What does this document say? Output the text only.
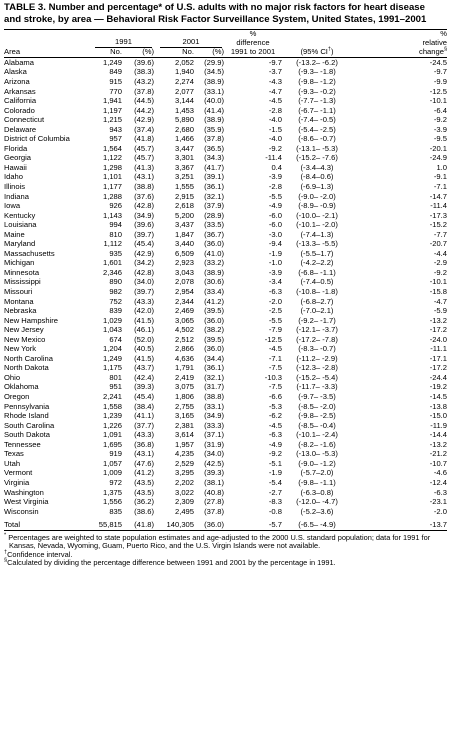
TABLE 3. Number and percentage* of U.S. adults with no major risk factors for heart disease and stroke, by area — Behavioral Risk Factor Surveillance System, United States, 1991–2001
					%		%

	1991		2001		difference		relative
Area	No.	(%)	No.	(%)	1991 to 2001	(95% CI†)	change§

Alabama	1,249	(39.6)	2,052	(29.9)	-9.7	(-13.2– -6.2)	-24.5
Alaska	849	(38.3)	1,940	(34.5)	-3.7	(-9.3– -1.8)	-9.7
Arizona	915	(43.2)	2,274	(38.9)	-4.3	(-9.8– -1.2)	-9.9
Arkansas	770	(37.8)	2,077	(33.1)	-4.7	(-9.3– -0.2)	-12.5
California	1,941	(44.5)	3,144	(40.0)	-4.5	(-7.7– -1.3)	-10.1
Colorado	1,197	(44.2)	1,453	(41.4)	-2.8	(-6.7– -1.1)	-6.4
Connecticut	1,215	(42.9)	5,890	(38.9)	-4.0	(-7.4– -0.5)	-9.2
Delaware	943	(37.4)	2,680	(35.9)	-1.5	(-5.4– -2.5)	-3.9
District of Columbia	957	(41.8)	1,466	(37.8)	-4.0	(-8.6– -0.7)	-9.5
Florida	1,564	(45.7)	3,447	(36.5)	-9.2	(-13.1– -5.3)	-20.1
Georgia	1,122	(45.7)	3,301	(34.3)	-11.4	(-15.2– -7.6)	-24.9
Hawaii	1,298	(41.3)	3,367	(41.7)	0.4	(-3.4–4.3)	1.0
Idaho	1,101	(43.1)	3,251	(39.1)	-3.9	(-8.4–0.6)	-9.1
Illinois	1,177	(38.8)	1,555	(36.1)	-2.8	(-6.9–1.3)	-7.1
Indiana	1,288	(37.6)	2,915	(32.1)	-5.5	(-9.0– -2.0)	-14.7
Iowa	926	(42.8)	2,618	(37.9)	-4.9	(-8.9– -0.9)	-11.4
Kentucky	1,143	(34.9)	5,200	(28.9)	-6.0	(-10.0– -2.1)	-17.3
Louisiana	994	(39.6)	3,437	(33.5)	-6.0	(-10.1– -2.0)	-15.2
Maine	810	(39.7)	1,847	(36.7)	-3.0	(-7.4–1.3)	-7.7
Maryland	1,112	(45.4)	3,440	(36.0)	-9.4	(-13.3– -5.5)	-20.7
Massachusetts	935	(42.9)	6,509	(41.0)	-1.9	(-5.5–1.7)	-4.4
Michigan	1,601	(34.2)	2,923	(33.2)	-1.0	(-4.2–2.2)	-2.9
Minnesota	2,346	(42.8)	3,043	(38.9)	-3.9	(-6.8– -1.1)	-9.2
Mississippi	890	(34.0)	2,078	(30.6)	-3.4	(-7.4–0.5)	-10.1
Missouri	982	(39.7)	2,954	(33.4)	-6.3	(-10.8– -1.8)	-15.8
Montana	752	(43.3)	2,344	(41.2)	-2.0	(-6.8–2.7)	-4.7
Nebraska	839	(42.0)	2,469	(39.5)	-2.5	(-7.0–2.1)	-5.9
New Hampshire	1,029	(41.5)	3,065	(36.0)	-5.5	(-9.2– -1.7)	-13.2
New Jersey	1,043	(46.1)	4,502	(38.2)	-7.9	(-12.1– -3.7)	-17.2
New Mexico	674	(52.0)	2,512	(39.5)	-12.5	(-17.2– -7.8)	-24.0
New York	1,204	(40.5)	2,866	(36.0)	-4.5	(-8.3– -0.7)	-11.1
North Carolina	1,249	(41.5)	4,636	(34.4)	-7.1	(-11.2– -2.9)	-17.1
North Dakota	1,175	(43.7)	1,791	(36.1)	-7.5	(-12.3– -2.8)	-17.2
Ohio	801	(42.4)	2,419	(32.1)	-10.3	(-15.2– -5.4)	-24.4
Oklahoma	951	(39.3)	3,075	(31.7)	-7.5	(-11.7– -3.3)	-19.2
Oregon	2,241	(45.4)	1,806	(38.8)	-6.6	(-9.7– -3.5)	-14.5
Pennsylvania	1,558	(38.4)	2,755	(33.1)	-5.3	(-8.5– -2.0)	-13.8
Rhode Island	1,239	(41.1)	3,165	(34.9)	-6.2	(-9.8– -2.5)	-15.0
South Carolina	1,226	(37.7)	2,381	(33.3)	-4.5	(-8.5– -0.4)	-11.9
South Dakota	1,091	(43.3)	3,614	(37.1)	-6.3	(-10.1– -2.4)	-14.4
Tennessee	1,695	(36.8)	1,957	(31.9)	-4.9	(-8.2– -1.6)	-13.2
Texas	919	(43.1)	4,235	(34.0)	-9.2	(-13.0– -5.3)	-21.2
Utah	1,057	(47.6)	2,529	(42.5)	-5.1	(-9.0– -1.2)	-10.7
Vermont	1,009	(41.2)	3,295	(39.3)	-1.9	(-5.7–2.0)	-4.6
Virginia	972	(43.5)	2,202	(38.1)	-5.4	(-9.8– -1.1)	-12.4
Washington	1,375	(43.5)	3,022	(40.8)	-2.7	(-6.3–0.8)	-6.3
West Virginia	1,556	(36.2)	2,309	(27.8)	-8.3	(-12.0– -4.7)	-23.1
Wisconsin	835	(38.6)	2,495	(37.8)	-0.8	(-5.2–3.6)	-2.0

Total	55,815	(41.8)	140,305	(36.0)	-5.7	(-6.5– -4.9)	-13.7

* Percentages are weighted to state population estimates and age-adjusted to the 2000 U.S. standard population; data for 1991 for Kansas, Nevada, Wyoming, Guam, Puerto Rico, and the U.S. Virgin Islands were not available.

†Confidence interval.

§Calculated by dividing the percentage difference between 1991 and 2001 by the percentage in 1991.
